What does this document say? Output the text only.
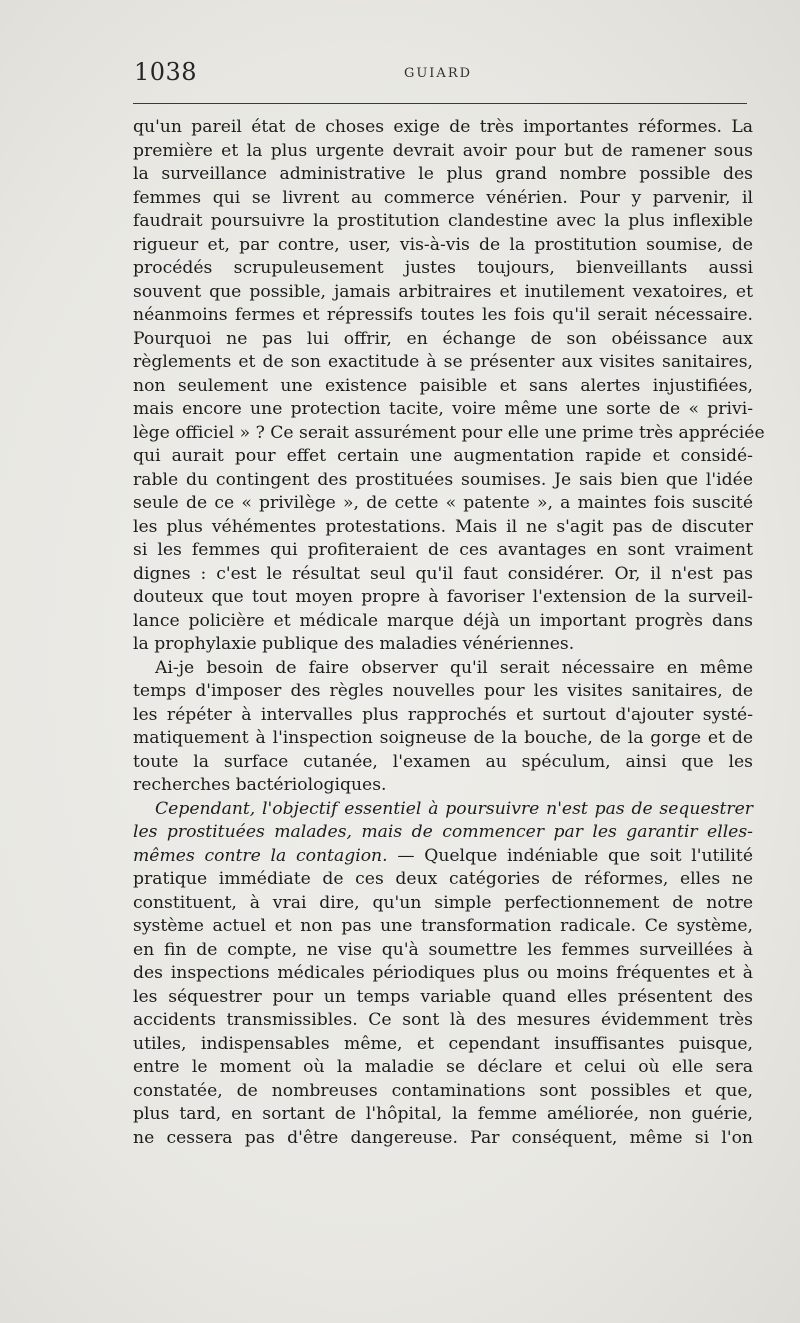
1038	GUIARD
qu'un pareil état de choses exige de très importantes réformes. La
première et la plus urgente devrait avoir pour but de ramener sous
la surveillance administrative le plus grand nombre possible des
femmes qui se livrent au commerce vénérien. Pour y parvenir, il
faudrait poursuivre la prostitution clandestine avec la plus inflexible
rigueur et, par contre, user, vis-à-vis de la prostitution soumise, de
procédés scrupuleusement justes toujours, bienveillants aussi
souvent que possible, jamais arbitraires et inutilement vexatoires, et
néanmoins fermes et répressifs toutes les fois qu'il serait nécessaire.
Pourquoi ne pas lui offrir, en échange de son obéissance aux
règlements et de son exactitude à se présenter aux visites sanitaires,
non seulement une existence paisible et sans alertes injustifiées,
mais encore une protection tacite, voire même une sorte de « privi-
lège officiel » ? Ce serait assurément pour elle une prime très appréciée
qui aurait pour effet certain une augmentation rapide et considé-
rable du contingent des prostituées soumises. Je sais bien que l'idée
seule de ce « privilège », de cette « patente », a maintes fois suscité
les plus véhémentes protestations. Mais il ne s'agit pas de discuter
si les femmes qui profiteraient de ces avantages en sont vraiment
dignes : c'est le résultat seul qu'il faut considérer. Or, il n'est pas
douteux que tout moyen propre à favoriser l'extension de la surveil-
lance policière et médicale marque déjà un important progrès dans
la prophylaxie publique des maladies vénériennes.
Ai-je besoin de faire observer qu'il serait nécessaire en même
temps d'imposer des règles nouvelles pour les visites sanitaires, de
les répéter à intervalles plus rapprochés et surtout d'ajouter systé-
matiquement à l'inspection soigneuse de la bouche, de la gorge et de
toute la surface cutanée, l'examen au spéculum, ainsi que les
recherches bactériologiques.
Cependant, l'objectif essentiel à poursuivre n'est pas de sequestrer
les prostituées malades, mais de commencer par les garantir elles-
mêmes contre la contagion. — Quelque indéniable que soit l'utilité
pratique immédiate de ces deux catégories de réformes, elles ne
constituent, à vrai dire, qu'un simple perfectionnement de notre
système actuel et non pas une transformation radicale. Ce système,
en fin de compte, ne vise qu'à soumettre les femmes surveillées à
des inspections médicales périodiques plus ou moins fréquentes et à
les séquestrer pour un temps variable quand elles présentent des
accidents transmissibles. Ce sont là des mesures évidemment très
utiles, indispensables même, et cependant insuffisantes puisque,
entre le moment où la maladie se déclare et celui où elle sera
constatée, de nombreuses contaminations sont possibles et que,
plus tard, en sortant de l'hôpital, la femme améliorée, non guérie,
ne cessera pas d'être dangereuse. Par conséquent, même si l'on
